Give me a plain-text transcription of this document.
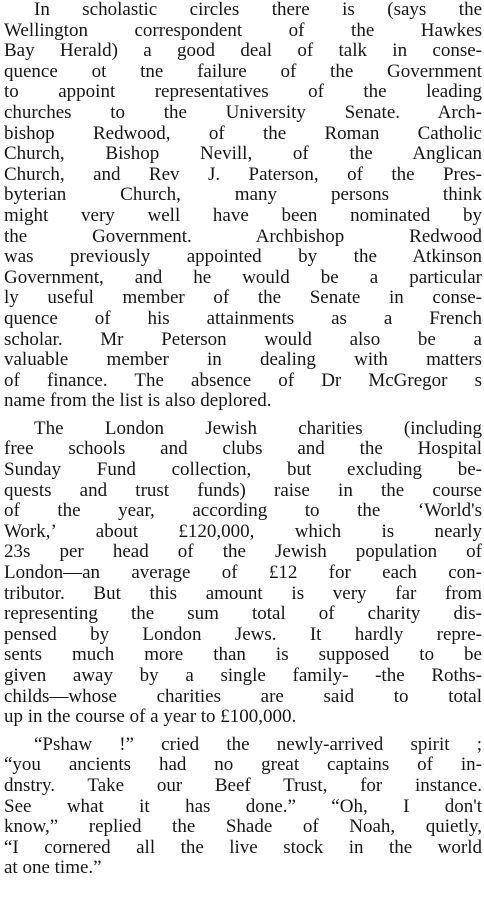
In scholastic circles there is (says the
Wellington correspondent of the Hawkes
Bay Herald) a good deal of talk in conse-
quence ot tne failure of the Government
to appoint representatives of the leading
churches to the University Senate. Arch-
bishop Redwood, of the Roman Catholic
Church, Bishop Nevill, of the Anglican
Church, and Rev J. Paterson, of the Pres-
byterian Church, many persons think
might very well have been nominated by
the Government. Archbishop Redwood
was previously appointed by the Atkinson
Government, and he would be a particular
ly useful member of the Senate in conse-
quence of his attainments as a French
scholar. Mr Peterson would also be a
valuable member in dealing with matters
of finance. The absence of Dr McGregor s
name from the list is also deplored.
The London Jewish charities (including
free schools and clubs and the Hospital
Sunday Fund collection, but excluding be-
quests and trust funds) raise in the course
of the year, according to the ‘World's
Work,’ about £120,000, which is nearly
23s per head of the Jewish population of
London—an average of £12 for each con-
tributor. But this amount is very far from
representing the sum total of charity dis-
pensed by London Jews. It hardly repre-
sents much more than is supposed to be
given away by a single family- -the Roths-
childs—whose charities are said to total
up in the course of a year to £100,000.
“Pshaw !” cried the newly-arrived spirit ;
“you ancients had no great captains of in-
dnstry. Take our Beef Trust, for instance.
See what it has done.” “Oh, I don't
know,” replied the Shade of Noah, quietly,
“I cornered all the live stock in the world
at one time.”
